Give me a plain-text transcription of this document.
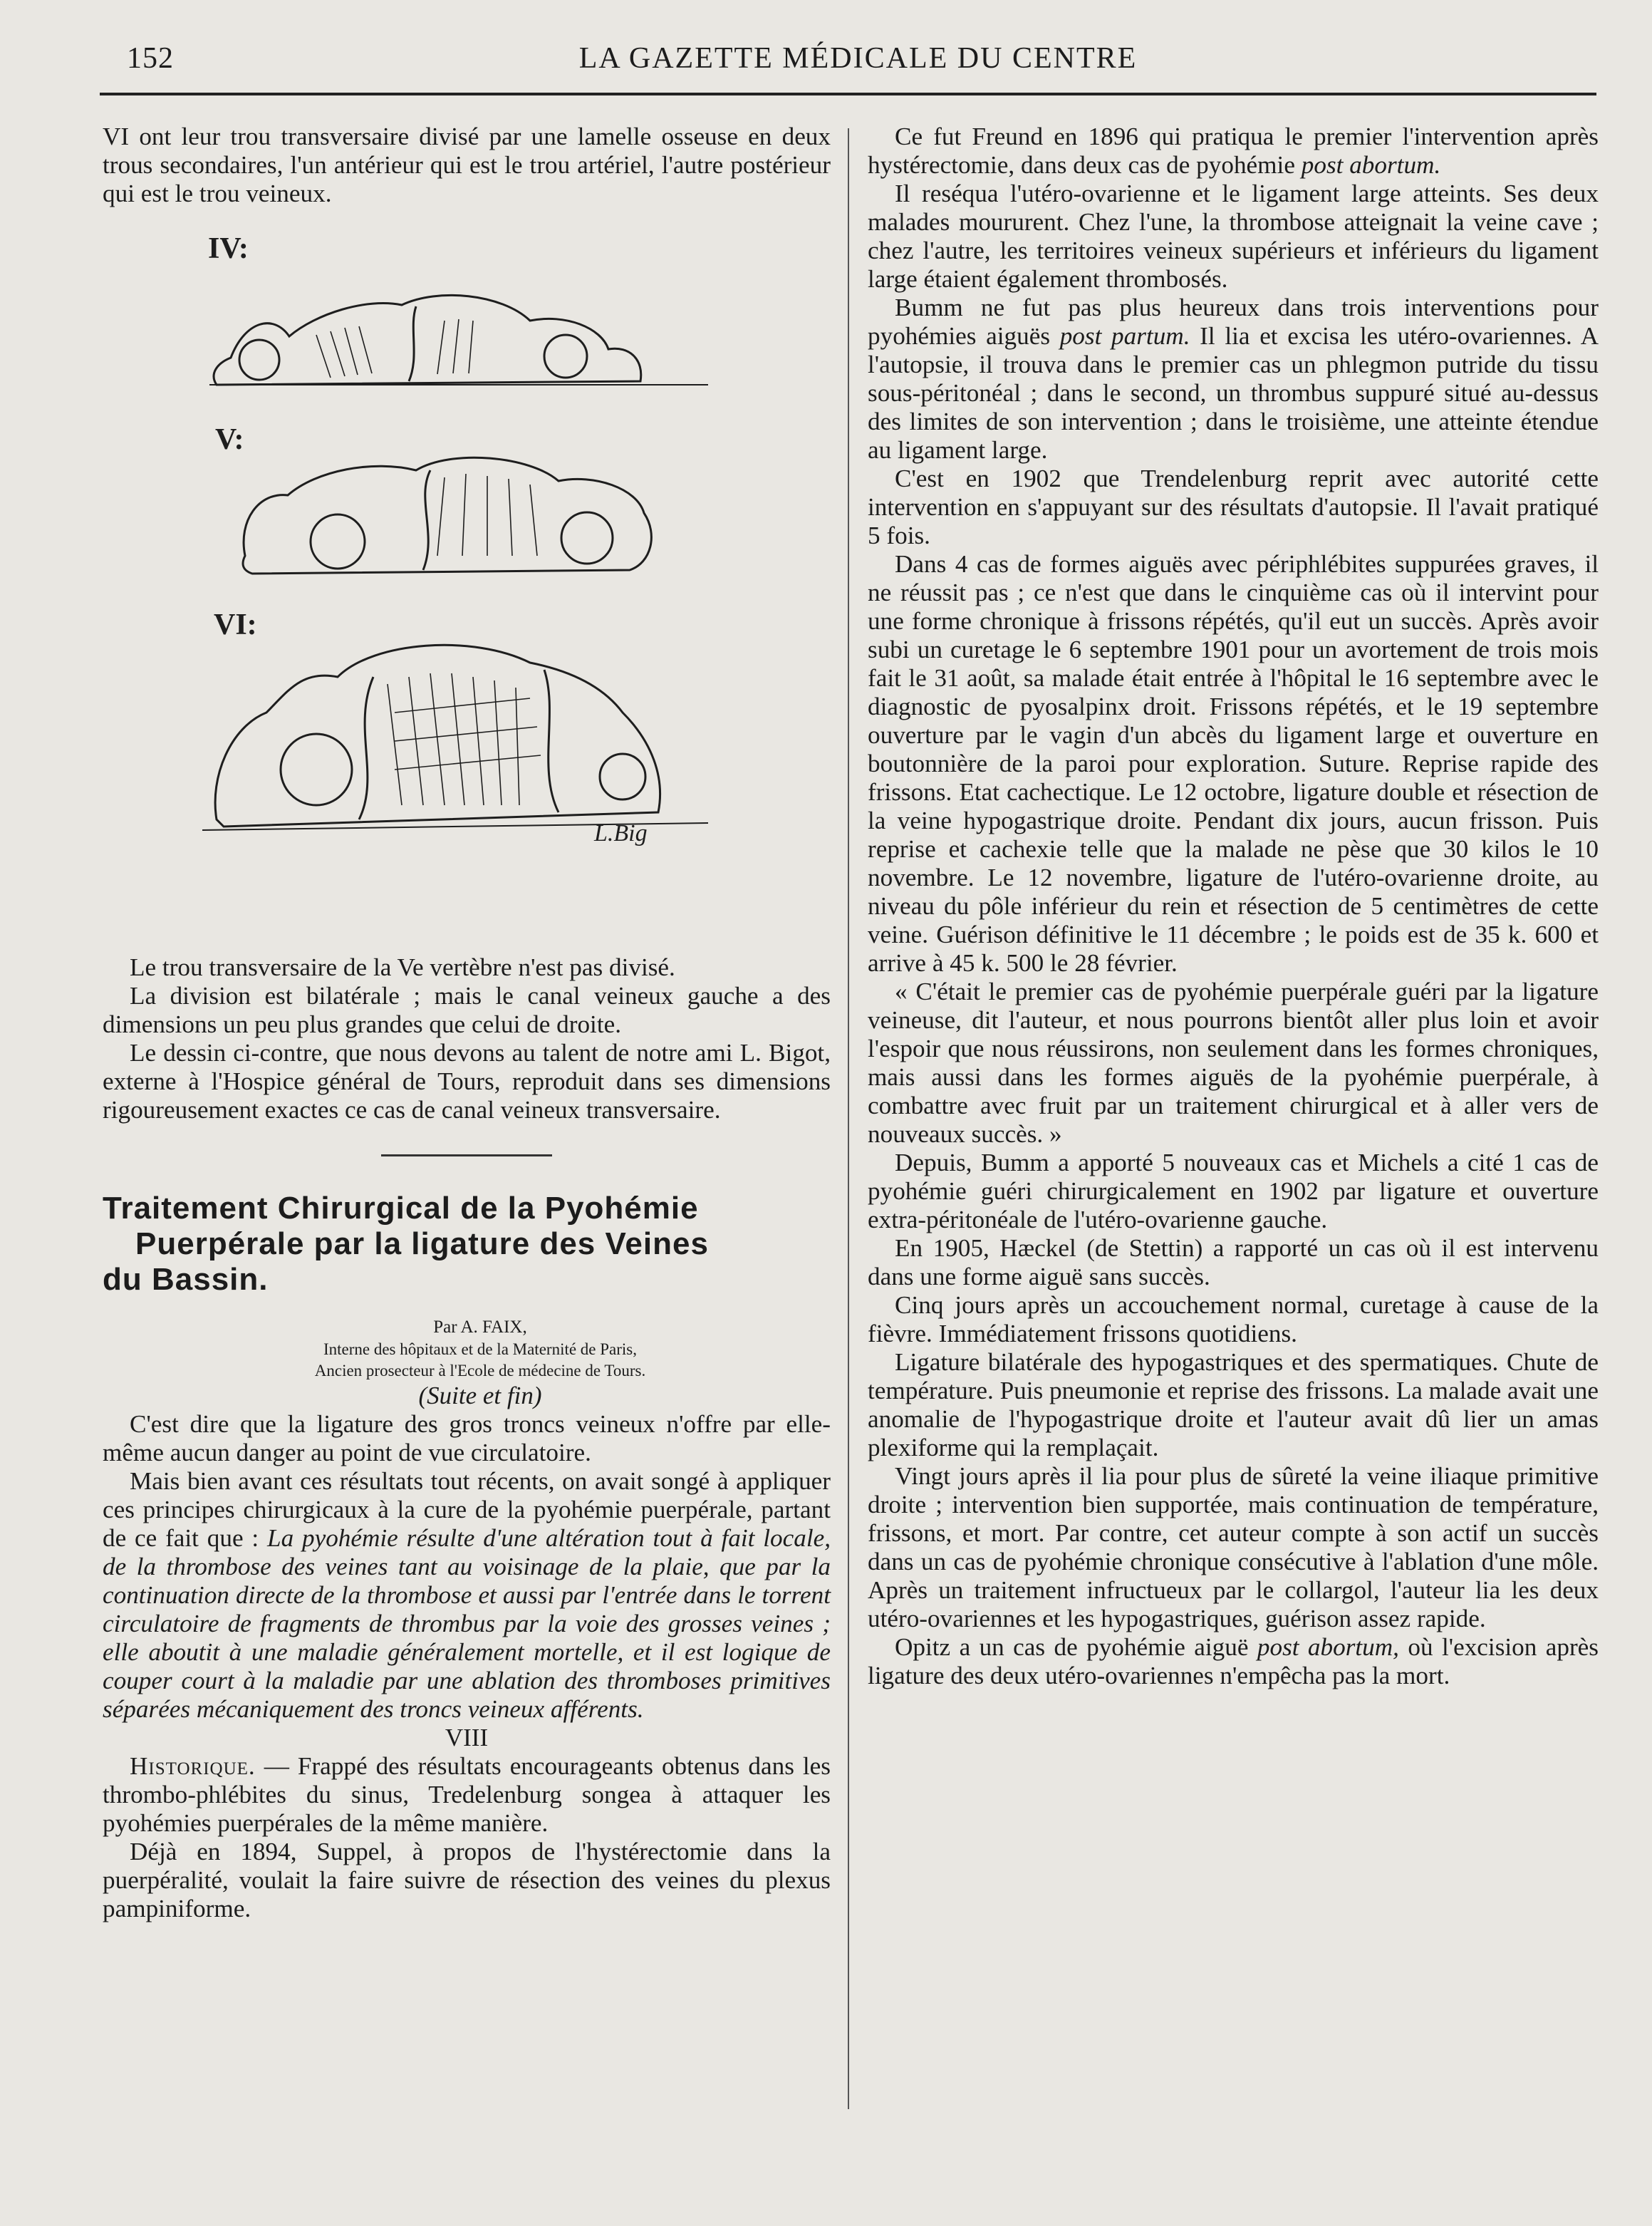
152	LA GAZETTE MÉDICALE DU CENTRE

VI ont leur trou transversaire divisé par une lamelle osseuse en deux trous secondaires, l'un antérieur qui est le trou artériel, l'autre postérieur qui est le trou veineux.

IV:
V:
VI:
L.Big

Le trou transversaire de la Ve vertèbre n'est pas divisé.

La division est bilatérale ; mais le canal veineux gauche a des dimensions un peu plus grandes que celui de droite.

Le dessin ci-contre, que nous devons au talent de notre ami L. Bigot, externe à l'Hospice général de Tours, reproduit dans ses dimensions rigoureusement exactes ce cas de canal veineux transversaire.

Traitement Chirurgical de la Pyohémie
Puerpérale par la ligature des Veines
du Bassin.

Par A. FAIX,

Interne des hôpitaux et de la Maternité de Paris,

Ancien prosecteur à l'Ecole de médecine de Tours.

(Suite et fin)

C'est dire que la ligature des gros troncs veineux n'offre par elle-même aucun danger au point de vue circulatoire.

Mais bien avant ces résultats tout récents, on avait songé à appliquer ces principes chirurgicaux à la cure de la pyohémie puerpérale, partant de ce fait que : La pyohémie résulte d'une altération tout à fait locale, de la thrombose des veines tant au voisinage de la plaie, que par la continuation directe de la thrombose et aussi par l'entrée dans le torrent circulatoire de fragments de thrombus par la voie des grosses veines ; elle aboutit à une maladie généralement mortelle, et il est logique de couper court à la maladie par une ablation des thromboses primitives séparées mécaniquement des troncs veineux afférents.

VIII

Historique. — Frappé des résultats encourageants obtenus dans les thrombo-phlébites du sinus, Tredelenburg songea à attaquer les pyohémies puerpérales de la même manière.

Déjà en 1894, Suppel, à propos de l'hystérectomie dans la puerpéralité, voulait la faire suivre de résection des veines du plexus pampiniforme.

Ce fut Freund en 1896 qui pratiqua le premier l'intervention après hystérectomie, dans deux cas de pyohémie post abortum.

Il reséqua l'utéro-ovarienne et le ligament large atteints. Ses deux malades moururent. Chez l'une, la thrombose atteignait la veine cave ; chez l'autre, les territoires veineux supérieurs et inférieurs du ligament large étaient également thrombosés.

Bumm ne fut pas plus heureux dans trois interventions pour pyohémies aiguës post partum. Il lia et excisa les utéro-ovariennes. A l'autopsie, il trouva dans le premier cas un phlegmon putride du tissu sous-péritonéal ; dans le second, un thrombus suppuré situé au-dessus des limites de son intervention ; dans le troisième, une atteinte étendue au ligament large.

C'est en 1902 que Trendelenburg reprit avec autorité cette intervention en s'appuyant sur des résultats d'autopsie. Il l'avait pratiqué 5 fois.

Dans 4 cas de formes aiguës avec périphlébites suppurées graves, il ne réussit pas ; ce n'est que dans le cinquième cas où il intervint pour une forme chronique à frissons répétés, qu'il eut un succès. Après avoir subi un curetage le 6 septembre 1901 pour un avortement de trois mois fait le 31 août, sa malade était entrée à l'hôpital le 16 septembre avec le diagnostic de pyosalpinx droit. Frissons répétés, et le 19 septembre ouverture par le vagin d'un abcès du ligament large et ouverture en boutonnière de la paroi pour exploration. Suture. Reprise rapide des frissons. Etat cachectique. Le 12 octobre, ligature double et résection de la veine hypogastrique droite. Pendant dix jours, aucun frisson. Puis reprise et cachexie telle que la malade ne pèse que 30 kilos le 10 novembre. Le 12 novembre, ligature de l'utéro-ovarienne droite, au niveau du pôle inférieur du rein et résection de 5 centimètres de cette veine. Guérison définitive le 11 décembre ; le poids est de 35 k. 600 et arrive à 45 k. 500 le 28 février.

« C'était le premier cas de pyohémie puerpérale guéri par la ligature veineuse, dit l'auteur, et nous pourrons bientôt aller plus loin et avoir l'espoir que nous réussirons, non seulement dans les formes chroniques, mais aussi dans les formes aiguës de la pyohémie puerpérale, à combattre avec fruit par un traitement chirurgical et à aller vers de nouveaux succès. »

Depuis, Bumm a apporté 5 nouveaux cas et Michels a cité 1 cas de pyohémie guéri chirurgicalement en 1902 par ligature et ouverture extra-péritonéale de l'utéro-ovarienne gauche.

En 1905, Hæckel (de Stettin) a rapporté un cas où il est intervenu dans une forme aiguë sans succès.

Cinq jours après un accouchement normal, curetage à cause de la fièvre. Immédiatement frissons quotidiens.

Ligature bilatérale des hypogastriques et des spermatiques. Chute de température. Puis pneumonie et reprise des frissons. La malade avait une anomalie de l'hypogastrique droite et l'auteur avait dû lier un amas plexiforme qui la remplaçait.

Vingt jours après il lia pour plus de sûreté la veine iliaque primitive droite ; intervention bien supportée, mais continuation de température, frissons, et mort. Par contre, cet auteur compte à son actif un succès dans un cas de pyohémie chronique consécutive à l'ablation d'une môle. Après un traitement infructueux par le collargol, l'auteur lia les deux utéro-ovariennes et les hypogastriques, guérison assez rapide.

Opitz a un cas de pyohémie aiguë post abortum, où l'excision après ligature des deux utéro-ovariennes n'empêcha pas la mort.
